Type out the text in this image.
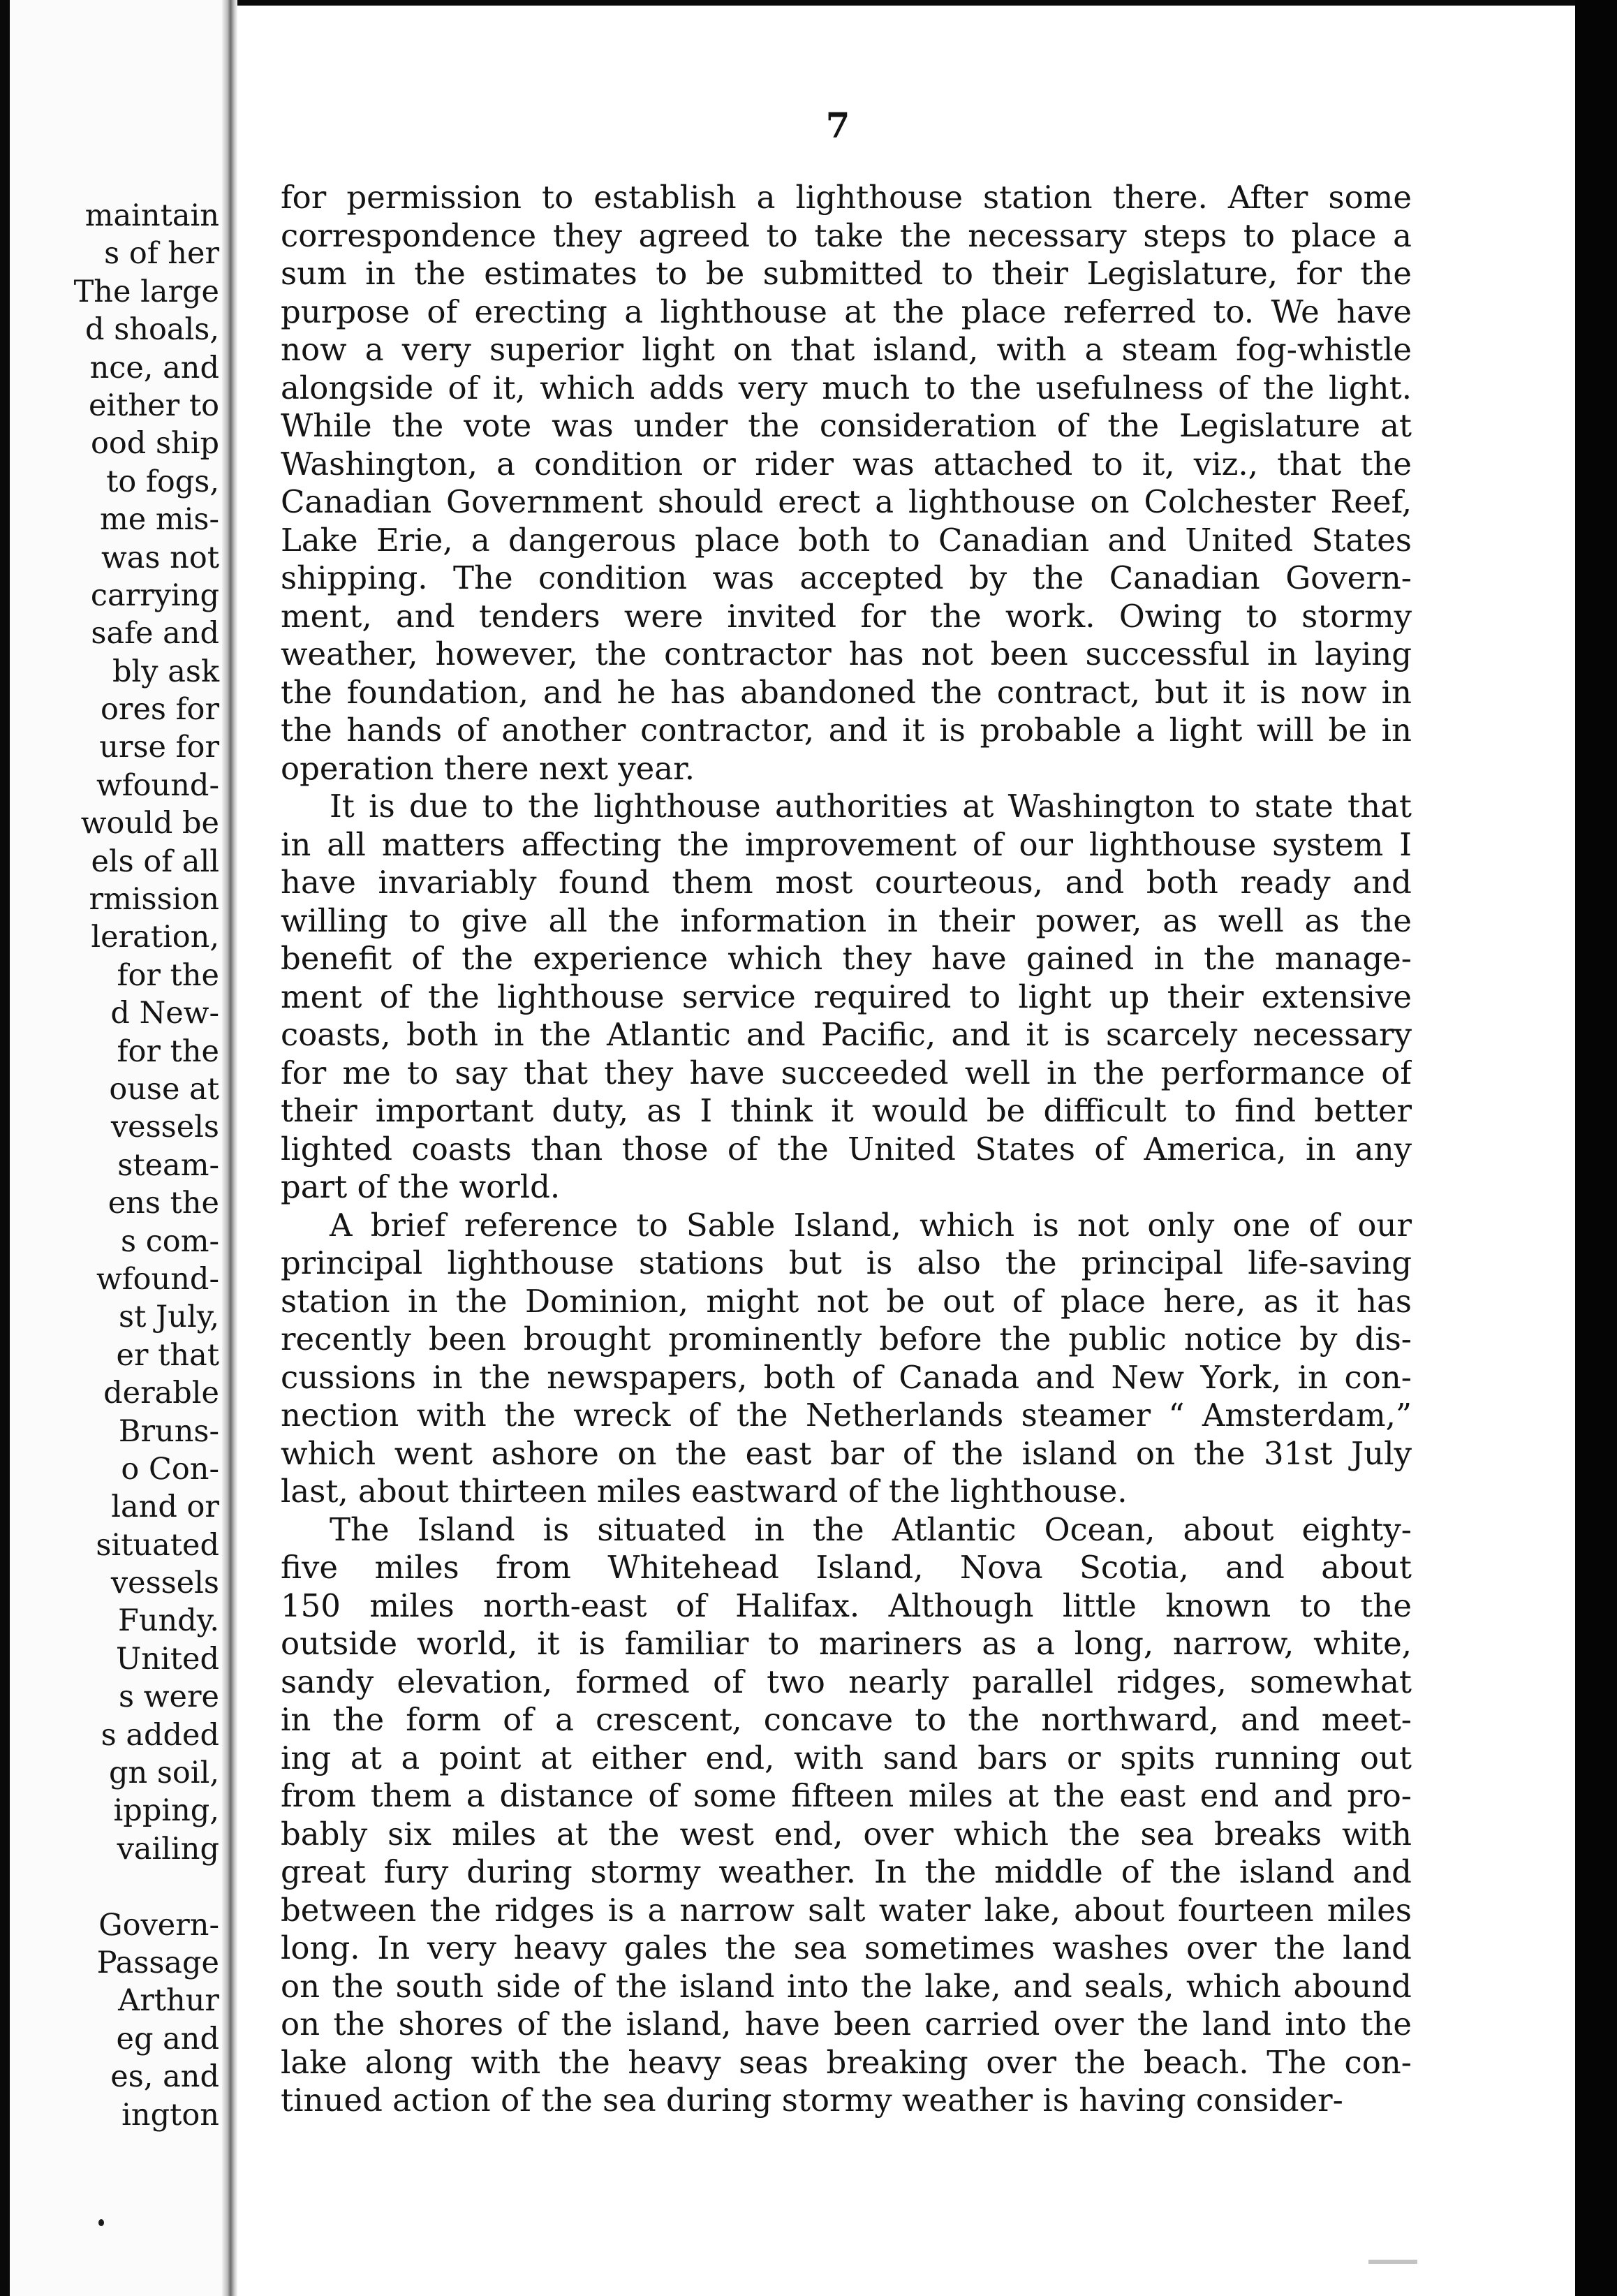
maintain
s of her
The large
d shoals,
nce, and
either to
ood ship
to fogs,
me mis-
was not
carrying
safe and
bly ask
ores for
urse for
wfound-
would be
els of all
rmission
leration,
for the
d New-
for the
ouse at
vessels
steam-
ens the
s com-
wfound-
st July,
er that
derable
Bruns-
o Con-
land or
situated
vessels
Fundy.
United
s were
s added
gn soil,
ipping,
vailing
Govern-
Passage
Arthur
eg and
es, and
ington
7
for permission to establish a lighthouse station there. After some
correspondence they agreed to take the necessary steps to place a
sum in the estimates to be submitted to their Legislature, for the
purpose of erecting a lighthouse at the place referred to. We have
now a very superior light on that island, with a steam fog-whistle
alongside of it, which adds very much to the usefulness of the light.
While the vote was under the consideration of the Legislature at
Washington, a condition or rider was attached to it, viz., that the
Canadian Government should erect a lighthouse on Colchester Reef,
Lake Erie, a dangerous place both to Canadian and United States
shipping. The condition was accepted by the Canadian Govern-
ment, and tenders were invited for the work. Owing to stormy
weather, however, the contractor has not been successful in laying
the foundation, and he has abandoned the contract, but it is now in
the hands of another contractor, and it is probable a light will be in
operation there next year.
It is due to the lighthouse authorities at Washington to state that
in all matters affecting the improvement of our lighthouse system I
have invariably found them most courteous, and both ready and
willing to give all the information in their power, as well as the
benefit of the experience which they have gained in the manage-
ment of the lighthouse service required to light up their extensive
coasts, both in the Atlantic and Pacific, and it is scarcely necessary
for me to say that they have succeeded well in the performance of
their important duty, as I think it would be difficult to find better
lighted coasts than those of the United States of America, in any
part of the world.
A brief reference to Sable Island, which is not only one of our
principal lighthouse stations but is also the principal life-saving
station in the Dominion, might not be out of place here, as it has
recently been brought prominently before the public notice by dis-
cussions in the newspapers, both of Canada and New York, in con-
nection with the wreck of the Netherlands steamer “ Amsterdam,”
which went ashore on the east bar of the island on the 31st July
last, about thirteen miles eastward of the lighthouse.
The Island is situated in the Atlantic Ocean, about eighty-
five miles from Whitehead Island, Nova Scotia, and about
150 miles north-east of Halifax. Although little known to the
outside world, it is familiar to mariners as a long, narrow, white,
sandy elevation, formed of two nearly parallel ridges, somewhat
in the form of a crescent, concave to the northward, and meet-
ing at a point at either end, with sand bars or spits running out
from them a distance of some fifteen miles at the east end and pro-
bably six miles at the west end, over which the sea breaks with
great fury during stormy weather. In the middle of the island and
between the ridges is a narrow salt water lake, about fourteen miles
long. In very heavy gales the sea sometimes washes over the land
on the south side of the island into the lake, and seals, which abound
on the shores of the island, have been carried over the land into the
lake along with the heavy seas breaking over the beach. The con-
tinued action of the sea during stormy weather is having consider-
